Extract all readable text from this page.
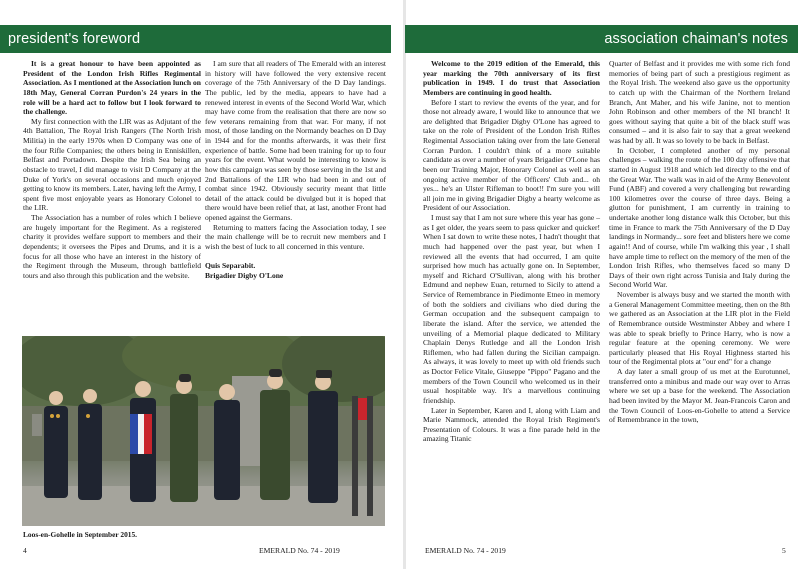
president's foreword	association chaiman's notes

It is a great honour to have been appointed as President of the London Irish Rifles Regimental Association. As I mentioned at the Association lunch on 18th May, General Corran Purdon's 24 years in the role will be a hard act to follow but I look forward to the challenge.

My first connection with the LIR was as Adjutant of the 4th Battalion, The Royal Irish Rangers (The North Irish Militia) in the early 1970s when D Company was one of the four Rifle Companies; the others being in Enniskillen, Belfast and Portadown. Despite the Irish Sea being an obstacle to travel, I did manage to visit D Company at the Duke of York's on several occasions and much enjoyed getting to know its members. Later, having left the Army, I spent five most enjoyable years as Honorary Colonel to the LIR.

The Association has a number of roles which I believe are hugely important for the Regiment. As a registered charity it provides welfare support to members and their dependents; it oversees the Pipes and Drums, and it is a focus for all those who have an interest in the history of the Regiment through the Museum, through battlefield tours and also through this publication and the website.

I am sure that all readers of The Emerald with an interest in history will have followed the very extensive recent coverage of the 75th Anniversary of the D Day landings. The public, led by the media, appears to have had a renewed interest in events of the Second World War, which may have come from the realisation that there are now so few veterans remaining from that war. For many, if not most, of those landing on the Normandy beaches on D Day in 1944 and for the months afterwards, it was their first experience of battle. Some had been training for up to four years for the event. What would be interesting to know is how this campaign was seen by those serving in the 1st and 2nd Battalions of the LIR who had been in and out of combat since 1942. Obviously security meant that little detail of the attack could be divulged but it is hoped that there would have been relief that, at last, another Front had opened against the Germans.

Returning to matters facing the Association today, I see the main challenge will be to recruit new members and I wish the best of luck to all concerned in this venture.

Quis Separabit.

Brigadier Digby O'Lone

Loos-en-Gohelle in September 2015.

Welcome to the 2019 edition of the Emerald, this year marking the 70th anniversary of its first publication in 1949. I do trust that Association Members are continuing in good health.

Before I start to review the events of the year, and for those not already aware, I would like to announce that we are delighted that Brigadier Digby O'Lone has agreed to take on the role of President of the London Irish Rifles Regimental Association taking over from the late General Corran Purdon. I couldn't think of a more suitable candidate as over a number of years Brigadier O'Lone has been our Training Major, Honorary Colonel as well as an ongoing active member of the Officers' Club and... oh yes... he's an Ulster Rifleman to boot!! I'm sure you will all join me in giving Brigadier Digby a hearty welcome as President of our Association.

I must say that I am not sure where this year has gone – as I get older, the years seem to pass quicker and quicker! When I sat down to write these notes, I hadn't thought that much had happened over the past year, but when I reviewed all the events that had occurred, I am quite surprised how much has actually gone on. In September, myself and Richard O'Sullivan, along with his brother Edmund and nephew Euan, returned to Sicily to attend a Service of Remembrance in Piedimonte Etneo in memory of both the soldiers and civilians who died during the German occupation and the subsequent campaign to liberate the island. After the service, we attended the unveiling of a Memorial plaque dedicated to Military Chaplain Denys Rutledge and all the London Irish Riflemen, who had fallen during the Sicilian campaign. As always, it was lovely to meet up with old friends such as Doctor Felice Vitale, Giuseppe "Pippo" Pagano and the members of the Town Council who welcomed us in their usual hospitable way. It's a marvellous continuing friendship.

Later in September, Karen and I, along with Liam and Marie Nammock, attended the Royal Irish Regiment's Presentation of Colours. It was a fine parade held in the amazing Titanic

Quarter of Belfast and it provides me with some rich fond memories of being part of such a prestigious regiment as the Royal Irish. The weekend also gave us the opportunity to catch up with the Chairman of the Northern Ireland Branch, Ant Maher, and his wife Janine, not to mention John Robinson and other members of the NI branch! It goes without saying that quite a bit of the black stuff was consumed – and it is also fair to say that a great weekend was had by all. It was so lovely to be back in Belfast.

In October, I completed another of my personal challenges – walking the route of the 100 day offensive that started in August 1918 and which led directly to the end of the Great War. The walk was in aid of the Army Benevolent Fund (ABF) and covered a very challenging but rewarding 100 kilometres over the course of three days. Being a glutton for punishment, I am currently in training to undertake another long distance walk this October, but this time in France to mark the 75th Anniversary of the D Day landings in Normandy... sore feet and blisters here we come again!! And of course, while I'm walking this year , I shall have ample time to reflect on the memory of the men of the London Irish Rifles, who themselves faced so many D Days of their own right across Tunisia and Italy during the Second World War.

November is always busy and we started the month with a General Management Committee meeting, then on the 8th we gathered as an Association at the LIR plot in the Field of Remembrance outside Westminster Abbey and where I was able to speak briefly to Prince Harry, who is now a regular feature at the opening ceremony. We were particularly pleased that His Royal Highness started his tour of the Regimental plots at "our end" for a change

A day later a small group of us met at the Eurotunnel, transferred onto a minibus and made our way over to Arras where we set up a base for the weekend. The Association had been invited by the Mayor M. Jean-Francois Caron and the Town Council of Loos-en-Gohelle to attend a Service of Remembrance in the town,

4	EMERALD No. 74 - 2019	EMERALD No. 74 - 2019	5
